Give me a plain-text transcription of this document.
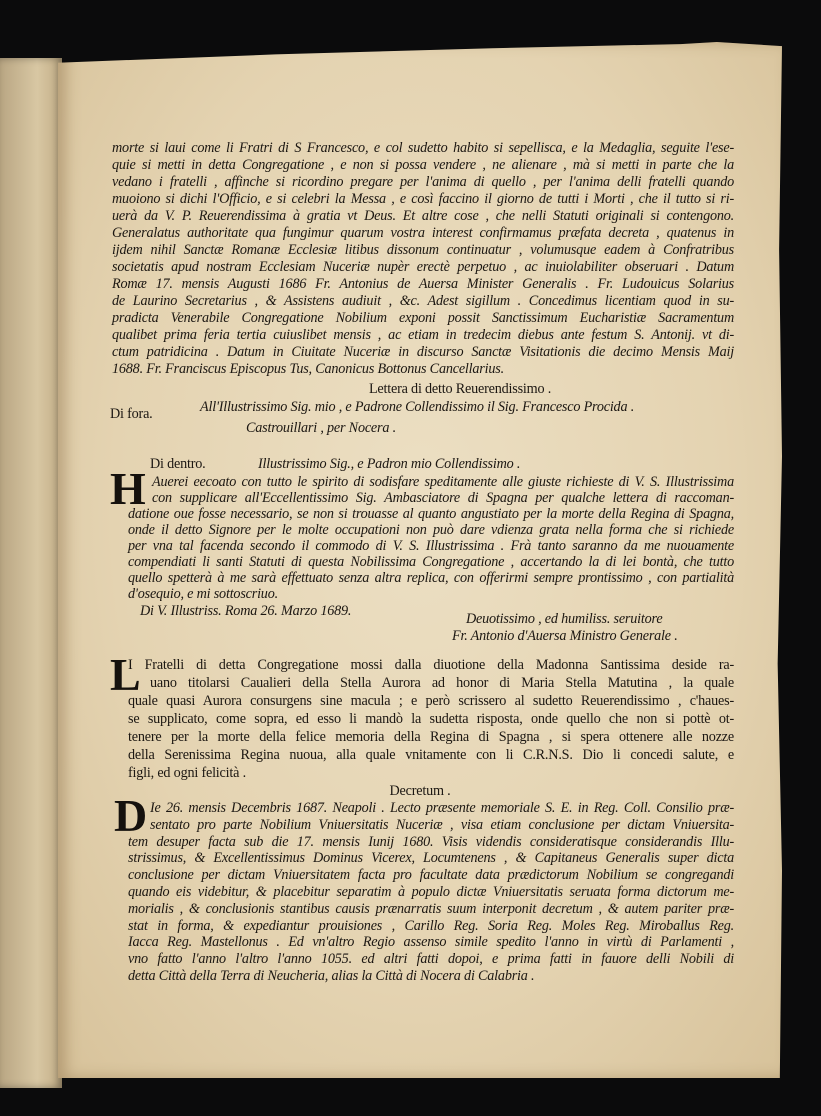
morte si laui come li Fratri di S Francesco, e col sudetto habito si sepellisca, e la Medaglia, seguite l'ese-
quie si metti in detta Congregatione , e non si possa vendere , ne alienare , mà si metti in parte che la
vedano i fratelli , affinche si ricordino pregare per l'anima di quello , per l'anima delli fratelli quando
muoiono si dichi l'Officio, e si celebri la Messa , e così faccino il giorno de tutti i Morti , che il tutto si ri-
uerà da V. P. Reuerendissima à gratia vt Deus. Et altre cose , che nelli Statuti originali si contengono.
Generalatus authoritate qua fungimur quarum vostra interest confirmamus præfata decreta , quatenus in
ijdem nihil Sanctæ Romanæ Ecclesiæ litibus dissonum continuatur , volumusque eadem à Confratribus
societatis apud nostram Ecclesiam Nuceriæ nupèr erectè perpetuo , ac inuiolabiliter obseruari . Datum
Romæ 17. mensis Augusti 1686 Fr. Antonius de Auersa Minister Generalis . Fr. Ludouicus Solarius
de Laurino Secretarius , & Assistens audiuit , &c. Adest sigillum . Concedimus licentiam quod in su-
pradicta Venerabile Congregatione Nobilium exponi possit Sanctissimum Eucharistiæ Sacramentum
qualibet prima feria tertia cuiuslibet mensis , ac etiam in tredecim diebus ante festum S. Antonij. vt di-
ctum patridicina . Datum in Ciuitate Nuceriæ in discurso Sanctæ Visitationis die decimo Mensis Maij
1688. Fr. Franciscus Episcopus Tus, Canonicus Bottonus Cancellarius.
Lettera di detto Reuerendissimo .
Di fora.	All'Illustrissimo Sig. mio , e Padrone Collendissimo il Sig. Francesco Procida .
Castrouillari , per Nocera .
Di dentro.	Illustrissimo Sig., e Padron mio Collendissimo .
H Auerei eecoato con tutto le spirito di sodisfare speditamente alle giuste richieste di V. S. Illustrissima
con supplicare all'Eccellentissimo Sig. Ambasciatore di Spagna per qualche lettera di raccoman-
datione oue fosse necessario, se non si trouasse al quanto angustiato per la morte della Regina di Spagna,
onde il detto Signore per le molte occupationi non può dare vdienza grata nella forma che si richiede
per vna tal facenda secondo il commodo di V. S. Illustrissima . Frà tanto saranno da me nuouamente
compendiati li santi Statuti di questa Nobilissima Congregatione , accertando la di lei bontà, che tutto
quello spetterà à me sarà effettuato senza altra replica, con offerirmi sempre prontissimo , con partialità
d'osequio, e mi sottoscriuo.
Di V. Illustriss. Roma 26. Marzo 1689.	Deuotissimo , ed humiliss. seruitore
Fr. Antonio d'Auersa Ministro Generale .
L
I Fratelli di detta Congregatione mossi dalla diuotione della Madonna Santissima deside ra-
uano titolarsi Caualieri della Stella Aurora ad honor di Maria Stella Matutina , la quale
quale quasi Aurora consurgens sine macula ; e però scrissero al sudetto Reuerendissimo , c'haues-
se supplicato, come sopra, ed esso li mandò la sudetta risposta, onde quello che non si pottè ot-
tenere per la morte della felice memoria della Regina di Spagna , si spera ottenere alle nozze
della Serenissima Regina nuoua, alla quale vnitamente con li C.R.N.S. Dio li concedi salute, e
figli, ed ogni felicità .
Decretum .
D Ie 26. mensis Decembris 1687. Neapoli . Lecto præsente memoriale S. E. in Reg. Coll. Consilio præ-
sentato pro parte Nobilium Vniuersitatis Nuceriæ , visa etiam conclusione per dictam Vniuersita-
tem desuper facta sub die 17. mensis Iunij 1680. Visis videndis consideratisque considerandis Illu-
strissimus, & Excellentissimus Dominus Vicerex, Locumtenens , & Capitaneus Generalis super dicta
conclusione per dictam Vniuersitatem facta pro facultate data prædictorum Nobilium se congregandi
quando eis videbitur, & placebitur separatim à populo dictæ Vniuersitatis seruata forma dictorum me-
morialis , & conclusionis stantibus causis prænarratis suum interponit decretum , & autem pariter præ-
stat in forma, & expediantur prouisiones , Carillo Reg. Soria Reg. Moles Reg. Miroballus Reg.
Iacca Reg. Mastellonus . Ed vn'altro Regio assenso simile spedito l'anno in virtù di Parlamenti ,
vno fatto l'anno l'altro l'anno 1055. ed altri fatti dopoi, e prima fatti in fauore delli Nobili di
detta Città della Terra di Neucheria, alias la Città di Nocera di Calabria .
